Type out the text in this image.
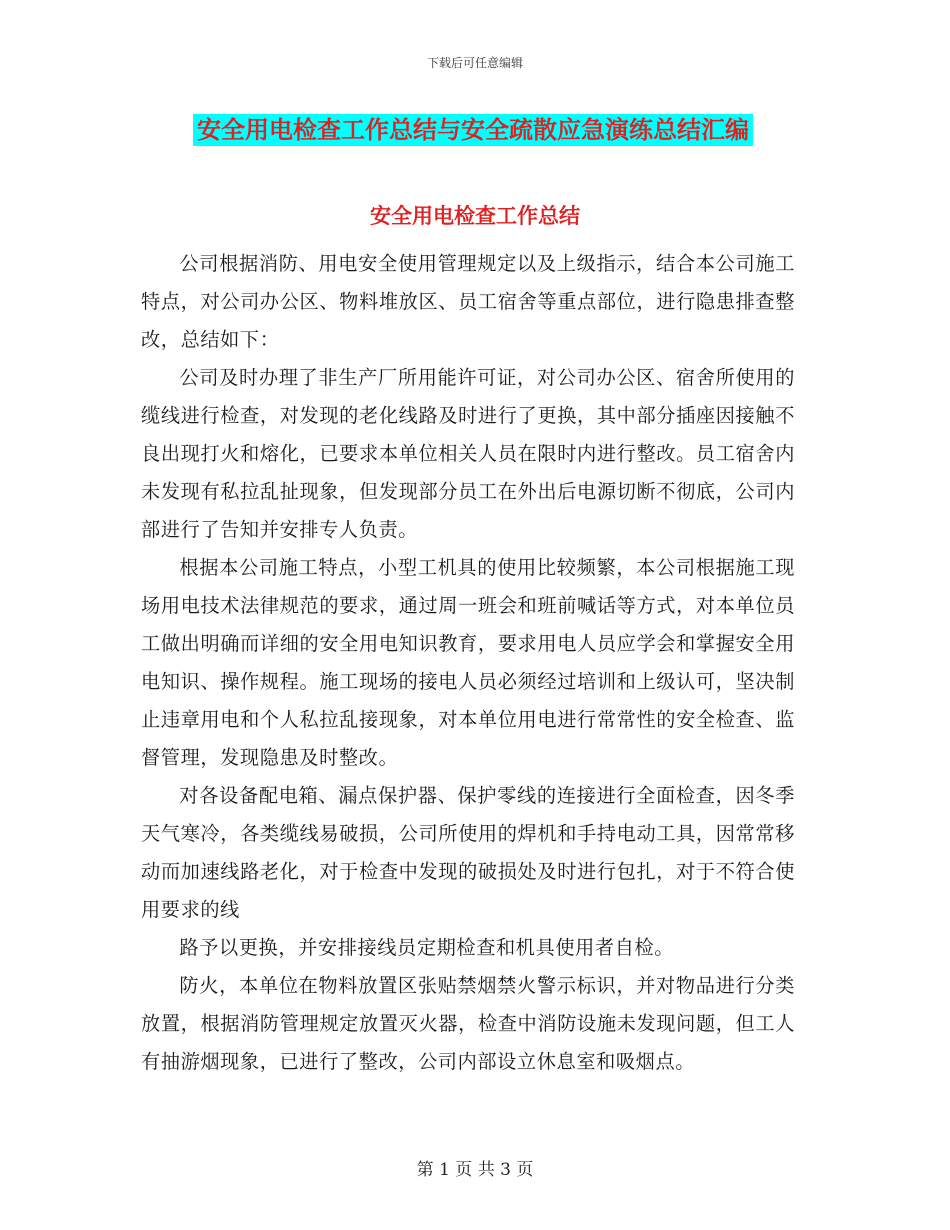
下载后可任意编辑
安全用电检查工作总结与安全疏散应急演练总结汇编
安全用电检查工作总结

公司根据消防、用电安全使用管理规定以及上级指示，结合本公司施工特点，对公司办公区、物料堆放区、员工宿舍等重点部位，进行隐患排查整改，总结如下：

公司及时办理了非生产厂所用能许可证，对公司办公区、宿舍所使用的缆线进行检查，对发现的老化线路及时进行了更换，其中部分插座因接触不良出现打火和熔化，已要求本单位相关人员在限时内进行整改。员工宿舍内未发现有私拉乱扯现象，但发现部分员工在外出后电源切断不彻底，公司内部进行了告知并安排专人负责。

根据本公司施工特点，小型工机具的使用比较频繁，本公司根据施工现场用电技术法律规范的要求，通过周一班会和班前喊话等方式，对本单位员工做出明确而详细的安全用电知识教育，要求用电人员应学会和掌握安全用电知识、操作规程。施工现场的接电人员必须经过培训和上级认可，坚决制止违章用电和个人私拉乱接现象，对本单位用电进行常常性的安全检查、监督管理，发现隐患及时整改。

对各设备配电箱、漏点保护器、保护零线的连接进行全面检查，因冬季天气寒冷，各类缆线易破损，公司所使用的焊机和手持电动工具，因常常移动而加速线路老化，对于检查中发现的破损处及时进行包扎，对于不符合使用要求的线

路予以更换，并安排接线员定期检查和机具使用者自检。

防火，本单位在物料放置区张贴禁烟禁火警示标识，并对物品进行分类放置，根据消防管理规定放置灭火器，检查中消防设施未发现问题，但工人有抽游烟现象，已进行了整改，公司内部设立休息室和吸烟点。

第 1 页 共 3 页
